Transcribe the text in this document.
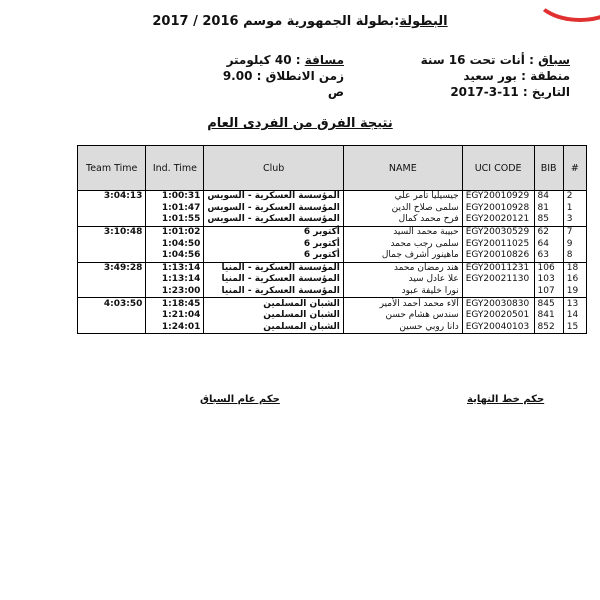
البطولة:بطولة الجمهورية موسم 2016 / 2017
سباق : أنات تحت 16 سنة
منطقة : بور سعيد
التاريخ : 11-3-2017
مسافة : 40 كيلومتر
زمن الانطلاق : 9.00 ص
نتيجة الفرق من الفردى العام
Team Time	Ind. Time	Club	NAME	UCI CODE	BIB	#
3:04:13	1:00:31	المؤسسة العسكرية - السويس	جيسيليا تامر علي	EGY20010929	84	2
	1:01:47	المؤسسة العسكرية - السويس	سلمى صلاح الدين	EGY20010928	81	1
	1:01:55	المؤسسة العسكرية - السويس	فرح محمد كمال	EGY20020121	85	3
3:10:48	1:01:02	أكتوبر 6	حبيبة محمد السيد	EGY20030529	62	7
	1:04:50	أكتوبر 6	سلمى رجب محمد	EGY20011025	64	9
	1:04:56	أكتوبر 6	ماهينور أشرف جمال	EGY20010826	63	8
3:49:28	1:13:14	المؤسسة العسكرية - المنيا	هند رمضان محمد	EGY20011231	106	18
	1:13:14	المؤسسة العسكرية - المنيا	علا عادل سيد	EGY20021130	103	16
	1:23:00	المؤسسة العسكرية - المنيا	نورا خليفة عبود		107	19
4:03:50	1:18:45	الشبان المسلمين	آلاء محمد أحمد الأمير	EGY20030830	845	13
	1:21:04	الشبان المسلمين	سندس هشام حسن	EGY20020501	841	14
	1:24:01	الشبان المسلمين	دانا روبي حسين	EGY20040103	852	15
حكم عام السباق	حكم خط النهاية
